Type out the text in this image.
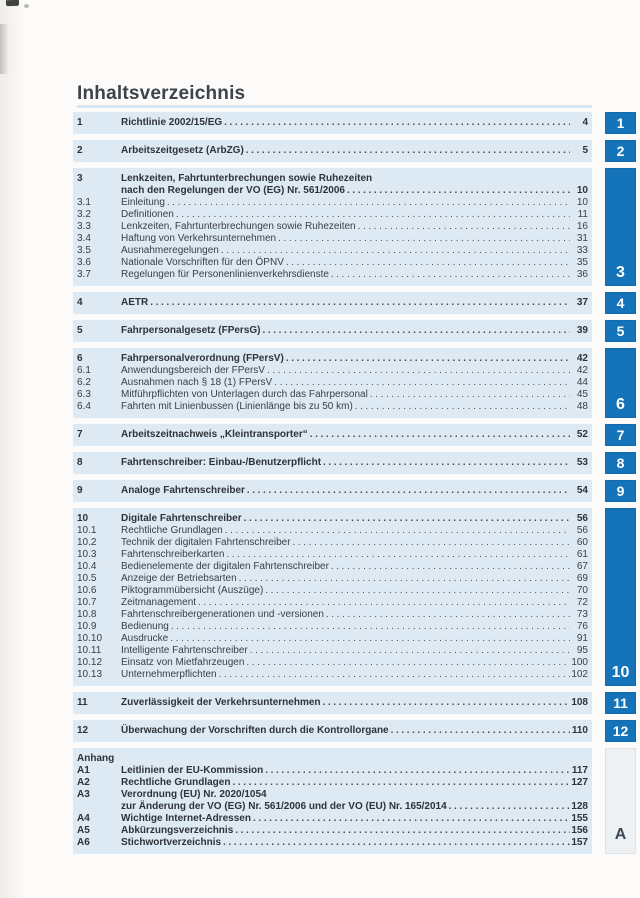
Inhaltsverzeichnis
1	Richtlinie 2002/15/EG .....	4	1
2	Arbeitszeitgesetz (ArbZG) .....	5	2
3	Lenkzeiten, Fahrtunterbrechungen sowie Ruhezeiten
nach den Regelungen der VO (EG) Nr. 561/2006 .....	10
3.1	Einleitung .....	10
3.2	Definitionen .....	11
3.3	Lenkzeiten, Fahrtunterbrechungen sowie Ruhezeiten .....	16
3.4	Haftung von Verkehrsunternehmen .....	31
3.5	Ausnahmeregelungen .....	33
3.6	Nationale Vorschriften für den ÖPNV .....	35
3.7	Regelungen für Personenlinienverkehrsdienste .....	36	3
4	AETR .....	37	4
5	Fahrpersonalgesetz (FPersG) .....	39	5
6	Fahrpersonalverordnung (FPersV) .....	42
6.1	Anwendungsbereich der FPersV .....	42
6.2	Ausnahmen nach § 18 (1) FPersV .....	44
6.3	Mitführpflichten von Unterlagen durch das Fahrpersonal .....	45
6.4	Fahrten mit Linienbussen (Linienlänge bis zu 50 km) .....	48	6
7	Arbeitszeitnachweis „Kleintransporter“ .....	52	7
8	Fahrtenschreiber: Einbau-/Benutzerpflicht .....	53	8
9	Analoge Fahrtenschreiber .....	54	9
10	Digitale Fahrtenschreiber .....	56
10.1	Rechtliche Grundlagen .....	56
10.2	Technik der digitalen Fahrtenschreiber .....	60
10.3	Fahrtenschreiberkarten .....	61
10.4	Bedienelemente der digitalen Fahrtenschreiber .....	67
10.5	Anzeige der Betriebsarten .....	69
10.6	Piktogrammübersicht (Auszüge) .....	70
10.7	Zeitmanagement .....	72
10.8	Fahrtenschreibergenerationen und -versionen .....	73
10.9	Bedienung .....	76
10.10	Ausdrucke .....	91
10.11	Intelligente Fahrtenschreiber .....	95
10.12	Einsatz von Mietfahrzeugen .....	100
10.13	Unternehmerpflichten .....	102	10
11	Zuverlässigkeit der Verkehrsunternehmen .....	108	11
12	Überwachung der Vorschriften durch die Kontrollorgane .....	110	12
Anhang
A1	Leitlinien der EU-Kommission .....	117
A2	Rechtliche Grundlagen .....	127
A3	Verordnung (EU) Nr. 2020/1054
zur Änderung der VO (EG) Nr. 561/2006 und der VO (EU) Nr. 165/2014 .....	128
A4	Wichtige Internet-Adressen .....	155
A5	Abkürzungsverzeichnis .....	156
A6	Stichwortverzeichnis .....	157	A
